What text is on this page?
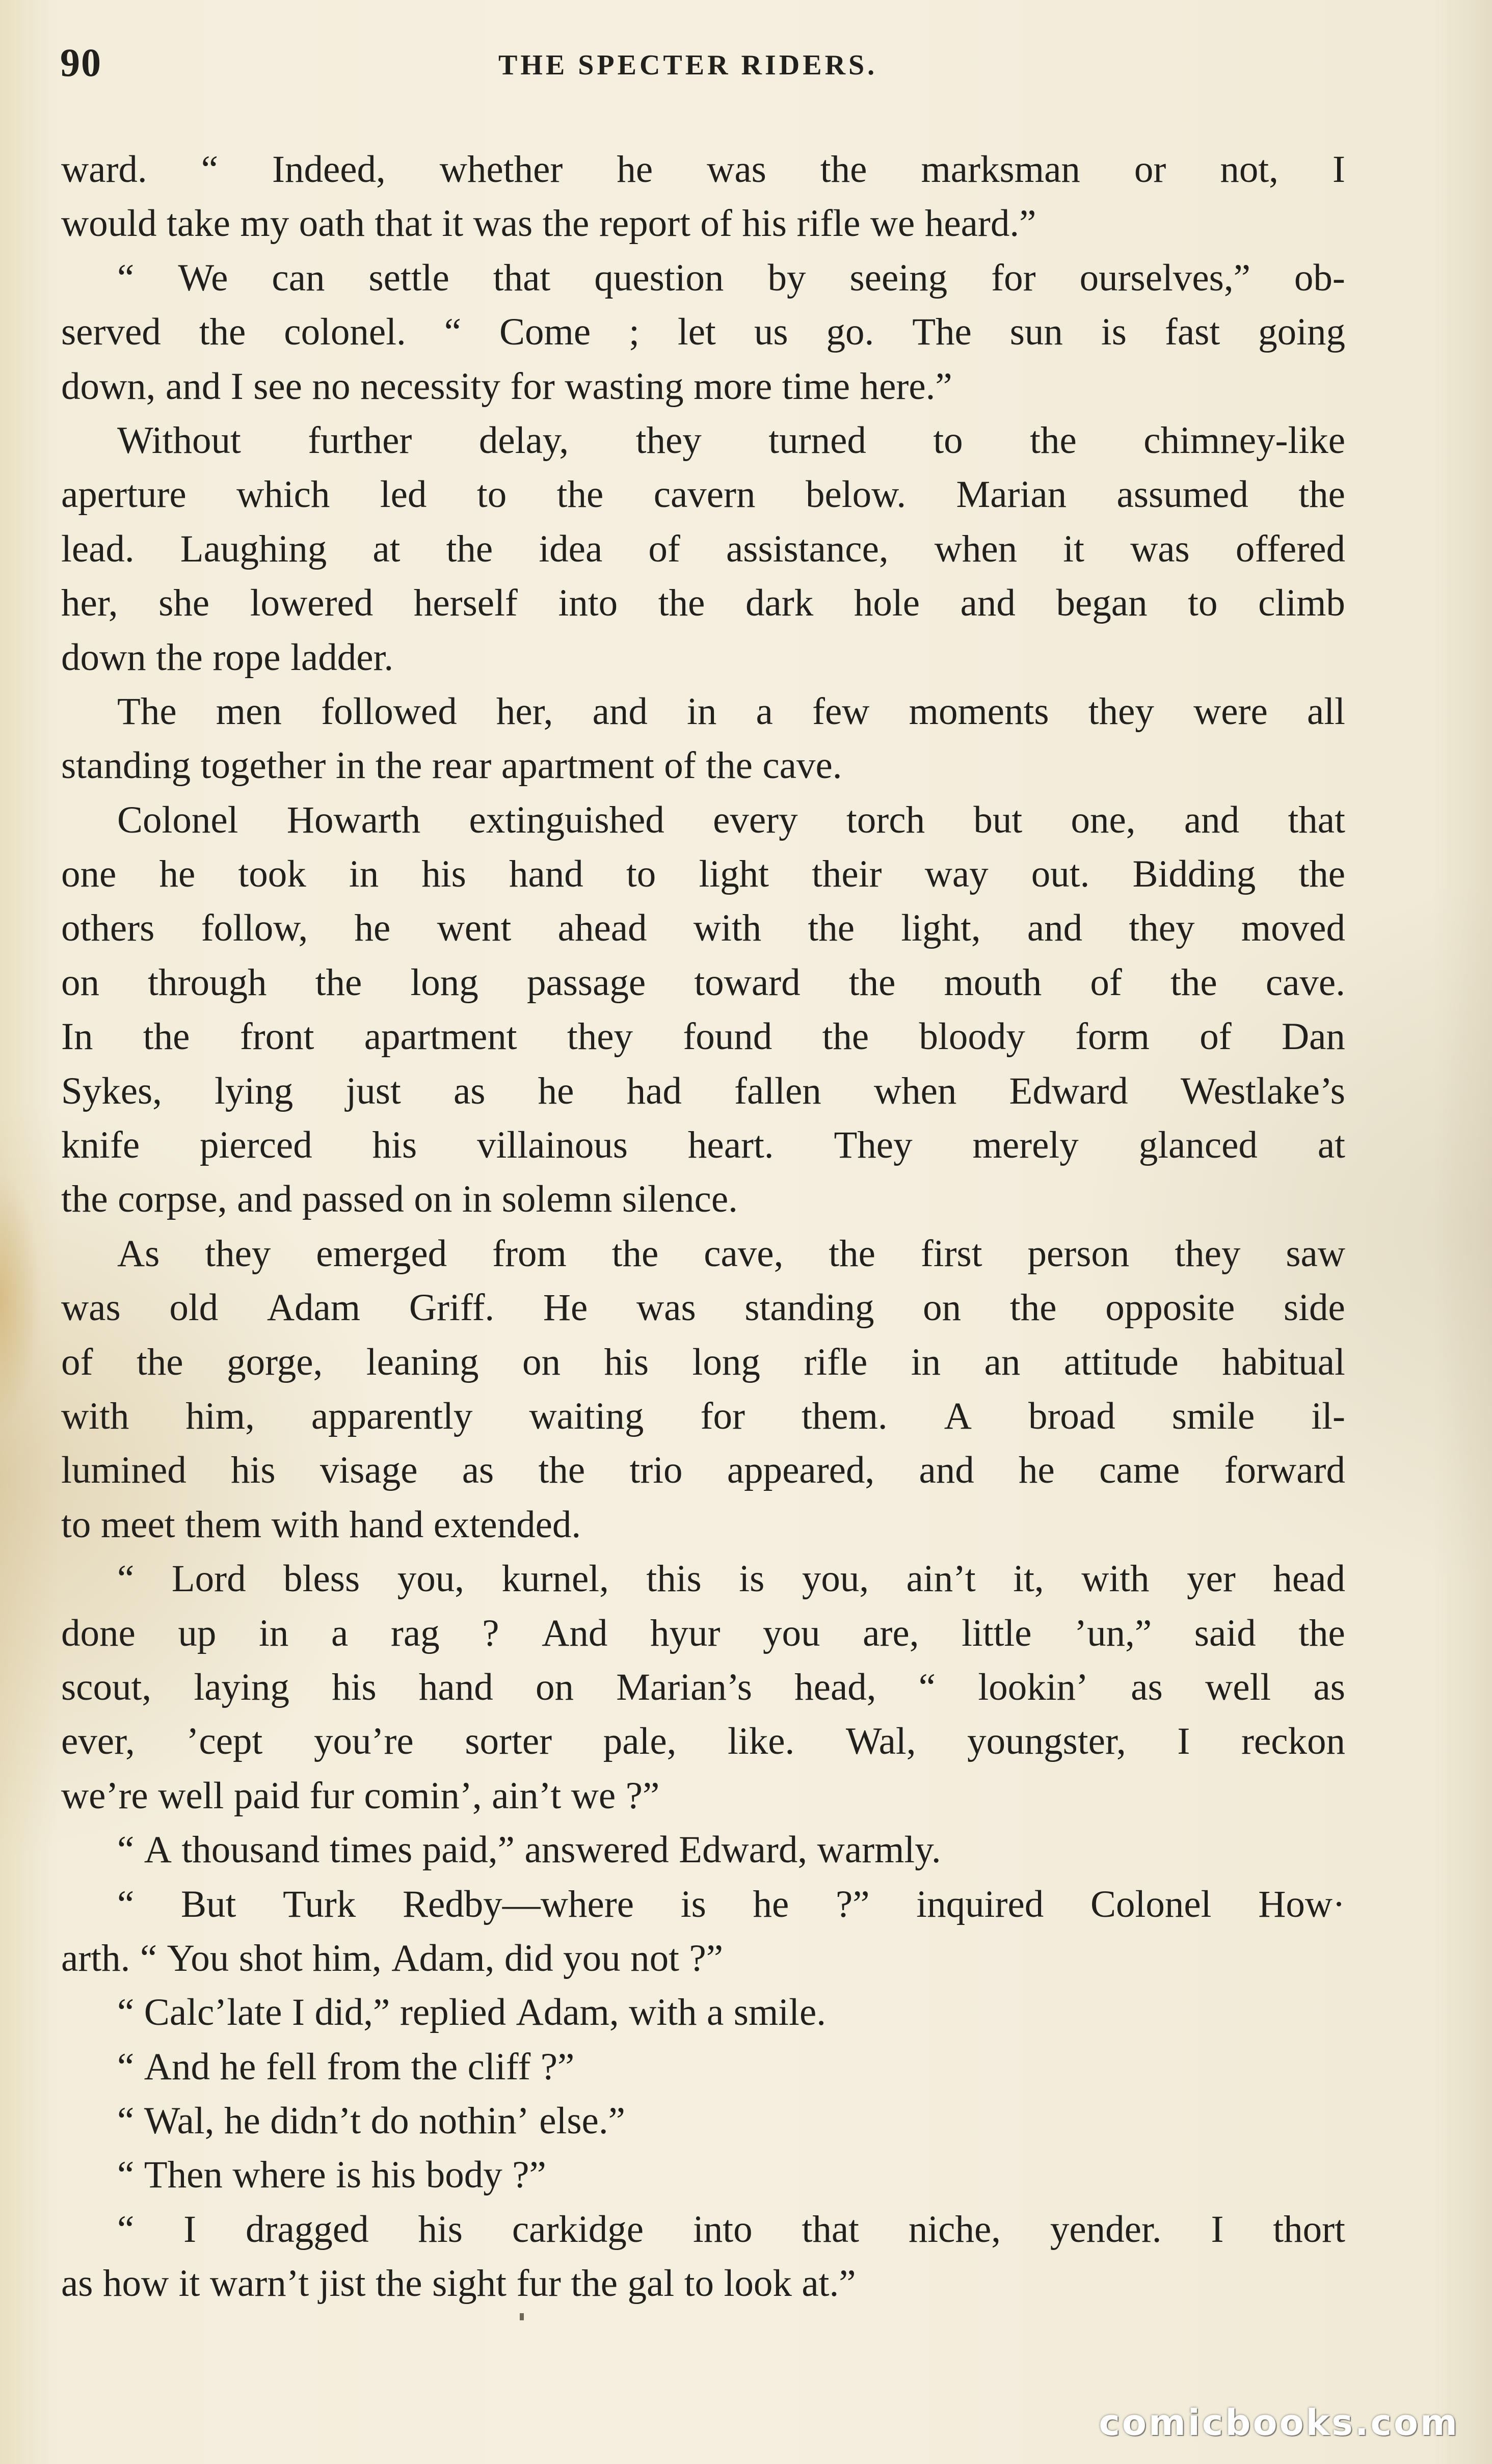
90	THE SPECTER RIDERS.
ward. “ Indeed, whether he was the marksman or not, I
would take my oath that it was the report of his rifle we heard.”
“ We can settle that question by seeing for ourselves,” ob-
served the colonel. “ Come ; let us go. The sun is fast going
down, and I see no necessity for wasting more time here.”
Without further delay, they turned to the chimney-like
aperture which led to the cavern below. Marian assumed the
lead. Laughing at the idea of assistance, when it was offered
her, she lowered herself into the dark hole and began to climb
down the rope ladder.
The men followed her, and in a few moments they were all
standing together in the rear apartment of the cave.
Colonel Howarth extinguished every torch but one, and that
one he took in his hand to light their way out. Bidding the
others follow, he went ahead with the light, and they moved
on through the long passage toward the mouth of the cave.
In the front apartment they found the bloody form of Dan
Sykes, lying just as he had fallen when Edward Westlake’s
knife pierced his villainous heart. They merely glanced at
the corpse, and passed on in solemn silence.
As they emerged from the cave, the first person they saw
was old Adam Griff. He was standing on the opposite side
of the gorge, leaning on his long rifle in an attitude habitual
with him, apparently waiting for them. A broad smile il-
lumined his visage as the trio appeared, and he came forward
to meet them with hand extended.
“ Lord bless you, kurnel, this is you, ain’t it, with yer head
done up in a rag ? And hyur you are, little ’un,” said the
scout, laying his hand on Marian’s head, “ lookin’ as well as
ever, ’cept you’re sorter pale, like. Wal, youngster, I reckon
we’re well paid fur comin’, ain’t we ?”
“ A thousand times paid,” answered Edward, warmly.
“ But Turk Redby—where is he ?” inquired Colonel How·
arth. “ You shot him, Adam, did you not ?”
“ Calc’late I did,” replied Adam, with a smile.
“ And he fell from the cliff ?”
“ Wal, he didn’t do nothin’ else.”
“ Then where is his body ?”
“ I dragged his carkidge into that niche, yender. I thort
as how it warn’t jist the sight fur the gal to look at.”
comicbooks.com
